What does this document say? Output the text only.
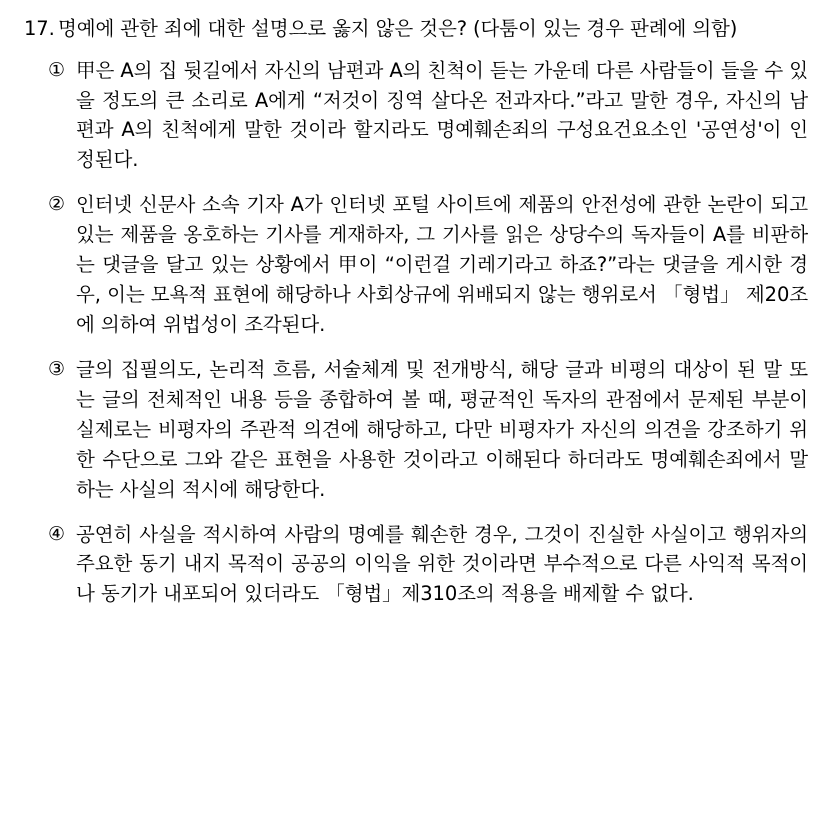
17. 명예에 관한 죄에 대한 설명으로 옳지 않은 것은? (다툼이 있는 경우 판례에 의함)
① 甲은 A의 집 뒷길에서 자신의 남편과 A의 친척이 듣는 가운데 다른 사람들이 들을 수 있을 정도의 큰 소리로 A에게 “저것이 징역 살다온 전과자다.”라고 말한 경우, 자신의 남편과 A의 친척에게 말한 것이라 할지라도 명예훼손죄의 구성요건요소인 '공연성'이 인정된다.
② 인터넷 신문사 소속 기자 A가 인터넷 포털 사이트에 제품의 안전성에 관한 논란이 되고 있는 제품을 옹호하는 기사를 게재하자, 그 기사를 읽은 상당수의 독자들이 A를 비판하는 댓글을 달고 있는 상황에서 甲이 “이런걸 기레기라고 하죠?”라는 댓글을 게시한 경우, 이는 모욕적 표현에 해당하나 사회상규에 위배되지 않는 행위로서 「형법」 제20조에 의하여 위법성이 조각된다.
③ 글의 집필의도, 논리적 흐름, 서술체계 및 전개방식, 해당 글과 비평의 대상이 된 말 또는 글의 전체적인 내용 등을 종합하여 볼 때, 평균적인 독자의 관점에서 문제된 부분이 실제로는 비평자의 주관적 의견에 해당하고, 다만 비평자가 자신의 의견을 강조하기 위한 수단으로 그와 같은 표현을 사용한 것이라고 이해된다 하더라도 명예훼손죄에서 말하는 사실의 적시에 해당한다.
④ 공연히 사실을 적시하여 사람의 명예를 훼손한 경우, 그것이 진실한 사실이고 행위자의 주요한 동기 내지 목적이 공공의 이익을 위한 것이라면 부수적으로 다른 사익적 목적이나 동기가 내포되어 있더라도 「형법」제310조의 적용을 배제할 수 없다.
